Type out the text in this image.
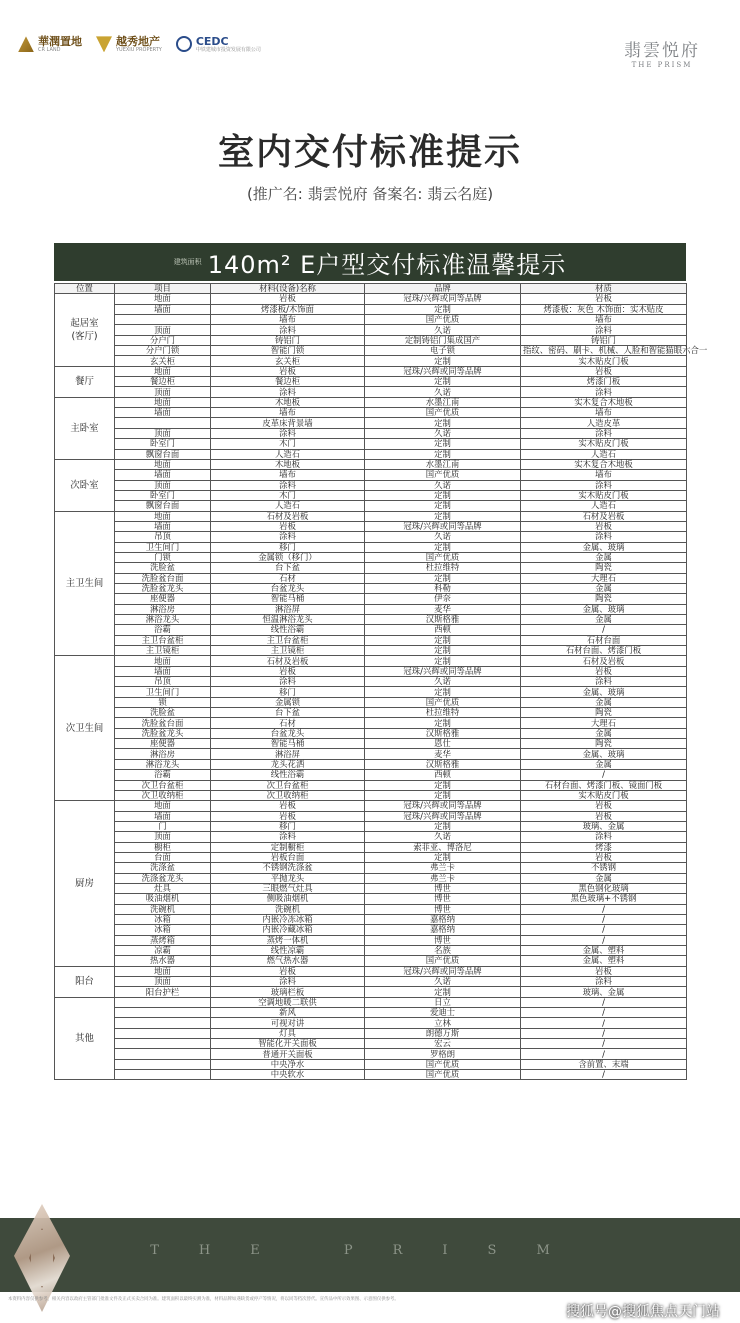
華潤置地
CR LAND
越秀地产
YUEXIU PROPERTY
CEDC
中铁建城市投资发展有限公司	翡雲悦府
THE PRISM
室内交付标准提示
(推广名: 翡雲悦府 备案名: 翡云名庭)
建筑面积 140m² E户型交付标准温馨提示
位置	项目	材料(设备)名称	品牌	材质
起居室
(客厅)	地面	岩板	冠珠/兴辉或同等品牌	岩板
	墙面	烤漆板/木饰面	定制	烤漆板：灰色 木饰面：实木贴皮
		墙布	国产优质	墙布
	顶面	涂料	久诺	涂料
	分户门	铸铝门	定制铸铝门集成国产	铸铝门
	分户门锁	智能门锁	电子锁	指纹、密码、刷卡、机械、人脸和智能猫眼六合一
	玄关柜	玄关柜	定制	实木贴皮门板
餐厅	地面	岩板	冠珠/兴辉或同等品牌	岩板
	餐边柜	餐边柜	定制	烤漆门板
	顶面	涂料	久诺	涂料
主卧室	地面	木地板	水墨江南	实木复合木地板
	墙面	墙布	国产优质	墙布
		皮革床背景墙	定制	人造皮革
	顶面	涂料	久诺	涂料
	卧室门	木门	定制	实木贴皮门板
	飘窗台面	人造石	定制	人造石
次卧室	地面	木地板	水墨江南	实木复合木地板
	墙面	墙布	国产优质	墙布
	顶面	涂料	久诺	涂料
	卧室门	木门	定制	实木贴皮门板
	飘窗台面	人造石	定制	人造石
主卫生间	地面	石材及岩板	定制	石材及岩板
	墙面	岩板	冠珠/兴辉或同等品牌	岩板
	吊顶	涂料	久诺	涂料
	卫生间门	移门	定制	金属、玻璃
	门锁	金属锁（移门）	国产优质	金属
	洗脸盆	台下盆	杜拉维特	陶瓷
	洗脸盆台面	石材	定制	大理石
	洗脸盆龙头	台盆龙头	科勒	金属
	座便器	智能马桶	伊奈	陶瓷
	淋浴房	淋浴屏	麦华	金属、玻璃
	淋浴龙头	恒温淋浴龙头	汉斯格雅	金属
	浴霸	线性浴霸	西顿	/
	主卫台盆柜	主卫台盆柜	定制	石材台面
	主卫镜柜	主卫镜柜	定制	石材台面、烤漆门板
次卫生间	地面	石材及岩板	定制	石材及岩板
	墙面	岩板	冠珠/兴辉或同等品牌	岩板
	吊顶	涂料	久诺	涂料
	卫生间门	移门	定制	金属、玻璃
	锁	金属锁	国产优质	金属
	洗脸盆	台下盆	杜拉维特	陶瓷
	洗脸盆台面	石材	定制	大理石
	洗脸盆龙头	台盆龙头	汉斯格雅	金属
	座便器	智能马桶	恩仕	陶瓷
	淋浴房	淋浴屏	麦华	金属、玻璃
	淋浴龙头	龙头花洒	汉斯格雅	金属
	浴霸	线性浴霸	西顿	/
	次卫台盆柜	次卫台盆柜	定制	石材台面、烤漆门板、镜面门板
	次卫收纳柜	次卫收纳柜	定制	实木贴皮门板
厨房	地面	岩板	冠珠/兴辉或同等品牌	岩板
	墙面	岩板	冠珠/兴辉或同等品牌	岩板
	门	移门	定制	玻璃、金属
	顶面	涂料	久诺	涂料
	橱柜	定制橱柜	索菲亚、博洛尼	烤漆
	台面	岩板台面	定制	岩板
	洗涤盆	不锈钢洗涤盆	弗兰卡	不锈钢
	洗涤盆龙头	平抛龙头	弗兰卡	金属
	灶具	三眼燃气灶具	博世	黑色钢化玻璃
	吸油烟机	侧吸油烟机	博世	黑色玻璃+不锈钢
	洗碗机	洗碗机	博世	/
	冰箱	内嵌冷冻冰箱	嘉格纳	/
	冰箱	内嵌冷藏冰箱	嘉格纳	/
	蒸烤箱	蒸烤一体机	博世	/
	凉霸	线性凉霸	名族	金属、塑料
	热水器	燃气热水器	国产优质	金属、塑料
阳台	地面	岩板	冠珠/兴辉或同等品牌	岩板
	顶面	涂料	久诺	涂料
	阳台护栏	玻璃栏板	定制	玻璃、金属
其他		空调地暖二联供	日立	/
		新风	爱迪士	/
		可视对讲	立林	/
		灯具	朗德万斯	/
		智能化开关面板	宏云	/
		普通开关面板	罗格朗	/
		中央净水	国产优质	含前置、末端
		中央软水	国产优质	/
THE PRISM
本资料内容仅供参考，相关内容以政府主管部门批准文件及正式买卖合同为准。建筑面积以最终实测为准，材料品牌如遇缺货或停产等情况，将以同等档次替代。宣传品中所示效果图、示意图仅供参考。
搜狐号@搜狐焦点天门站
